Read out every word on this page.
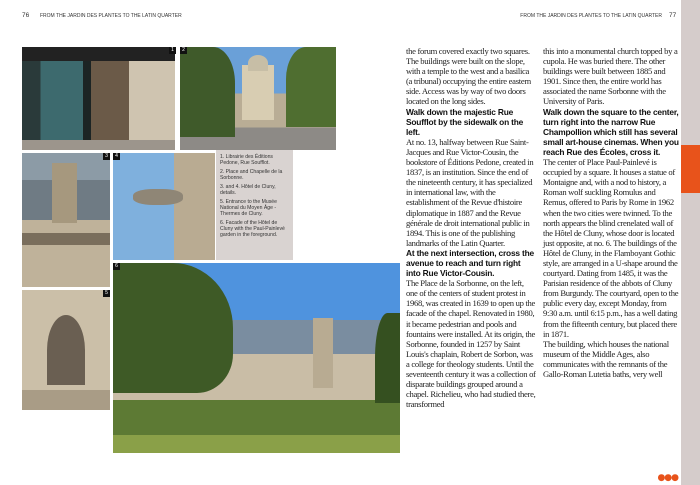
76 FROM THE JARDIN DES PLANTES TO THE LATIN QUARTER	FROM THE JARDIN DES PLANTES TO THE LATIN QUARTER 77
1	2
3	4	1. Librairie des Éditions Pedone, Rue Soufflot.

2. Place and Chapelle de la Sorbonne.

3. and 4. Hôtel de Cluny, details.

5. Entrance to the Musée National du Moyen Âge - Thermes de Cluny.

6. Facade of the Hôtel de Cluny with the Paul-Painlevé garden in the foreground.

5
6
the forum covered exactly two squares. The buildings were built on the slope, with a temple to the west and a basilica (a tribunal) occupying the entire eastern side. Access was by way of two doors located on the long sides.
Walk down the majestic Rue Soufflot by the sidewalk on the left.
At no. 13, halfway between Rue Saint-Jacques and Rue Victor-Cousin, the bookstore of Éditions Pedone, created in 1837, is an institution. Since the end of the nineteenth century, it has specialized in international law, with the establishment of the Revue d'histoire diplomatique in 1887 and the Revue générale de droit international public in 1894. This is one of the publishing landmarks of the Latin Quarter.
At the next intersection, cross the avenue to reach and turn right into Rue Victor-Cousin.
The Place de la Sorbonne, on the left, one of the centers of student protest in 1968, was created in 1639 to open up the facade of the chapel. Renovated in 1980, it became pedestrian and pools and fountains were installed. At its origin, the Sorbonne, founded in 1257 by Saint Louis's chaplain, Robert de Sorbon, was a college for theology students. Until the seventeenth century it was a collection of disparate buildings grouped around a chapel. Richelieu, who had studied there, transformed
this into a monumental church topped by a cupola. He was buried there. The other buildings were built between 1885 and 1901. Since then, the entire world has associated the name Sorbonne with the University of Paris.
Walk down the square to the center, turn right into the narrow Rue Champollion which still has several small art-house cinemas. When you reach Rue des Écoles, cross it.
The center of Place Paul-Painlevé is occupied by a square. It houses a statue of Montaigne and, with a nod to history, a Roman wolf suckling Romulus and Remus, offered to Paris by Rome in 1962 when the two cities were twinned. To the north appears the blind crenelated wall of the Hôtel de Cluny, whose door is located just opposite, at no. 6. The buildings of the Hôtel de Cluny, in the Flamboyant Gothic style, are arranged in a U-shape around the courtyard. Dating from 1485, it was the Parisian residence of the abbots of Cluny from Burgundy. The courtyard, open to the public every day, except Monday, from 9:30 a.m. until 6:15 p.m., has a well dating from the fifteenth century, but placed there in 1871.
The building, which houses the national museum of the Middle Ages, also communicates with the remnants of the Gallo-Roman Lutetia baths, very well
●●●
